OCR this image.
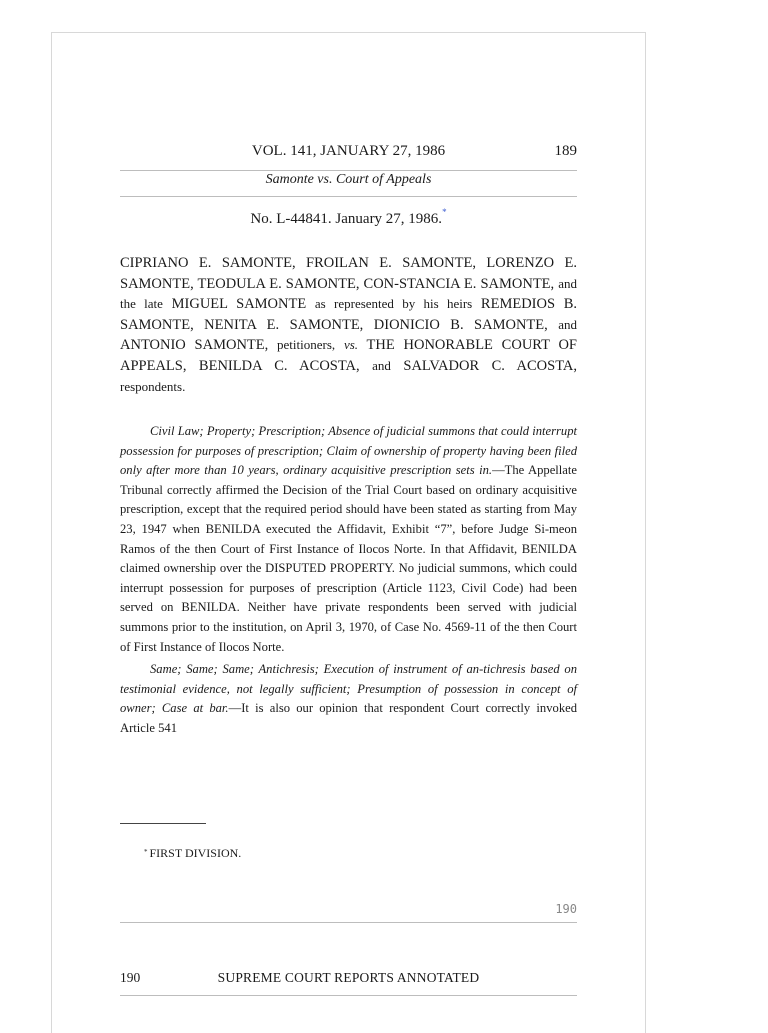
VOL. 141, JANUARY 27, 1986	189
Samonte vs. Court of Appeals
No. L-44841. January 27, 1986.*
CIPRIANO E. SAMONTE, FROILAN E. SAMONTE, LORENZO E. SAMONTE, TEODULA E. SAMONTE, CON-STANCIA E. SAMONTE, and the late MIGUEL SAMONTE as represented by his heirs REMEDIOS B. SAMONTE, NENITA E. SAMONTE, DIONICIO B. SAMONTE, and ANTONIO SAMONTE, petitioners, vs. THE HONORABLE COURT OF APPEALS, BENILDA C. ACOSTA, and SALVADOR C. ACOSTA, respondents.

Civil Law; Property; Prescription; Absence of judicial summons that could interrupt possession for purposes of prescription; Claim of ownership of property having been filed only after more than 10 years, ordinary acquisitive prescription sets in.—The Appellate Tribunal correctly affirmed the Decision of the Trial Court based on ordinary acquisitive prescription, except that the required period should have been stated as starting from May 23, 1947 when BENILDA executed the Affidavit, Exhibit “7”, before Judge Si-meon Ramos of the then Court of First Instance of Ilocos Norte. In that Affidavit, BENILDA claimed ownership over the DISPUTED PROPERTY. No judicial summons, which could interrupt possession for purposes of prescription (Article 1123, Civil Code) had been served on BENILDA. Neither have private respondents been served with judicial summons prior to the institution, on April 3, 1970, of Case No. 4569-11 of the then Court of First Instance of Ilocos Norte.

Same; Same; Same; Antichresis; Execution of instrument of an-tichresis based on testimonial evidence, not legally sufficient; Presumption of possession in concept of owner; Case at bar.—It is also our opinion that respondent Court correctly invoked Article 541

* FIRST DIVISION.
190
190	SUPREME COURT REPORTS ANNOTATED
